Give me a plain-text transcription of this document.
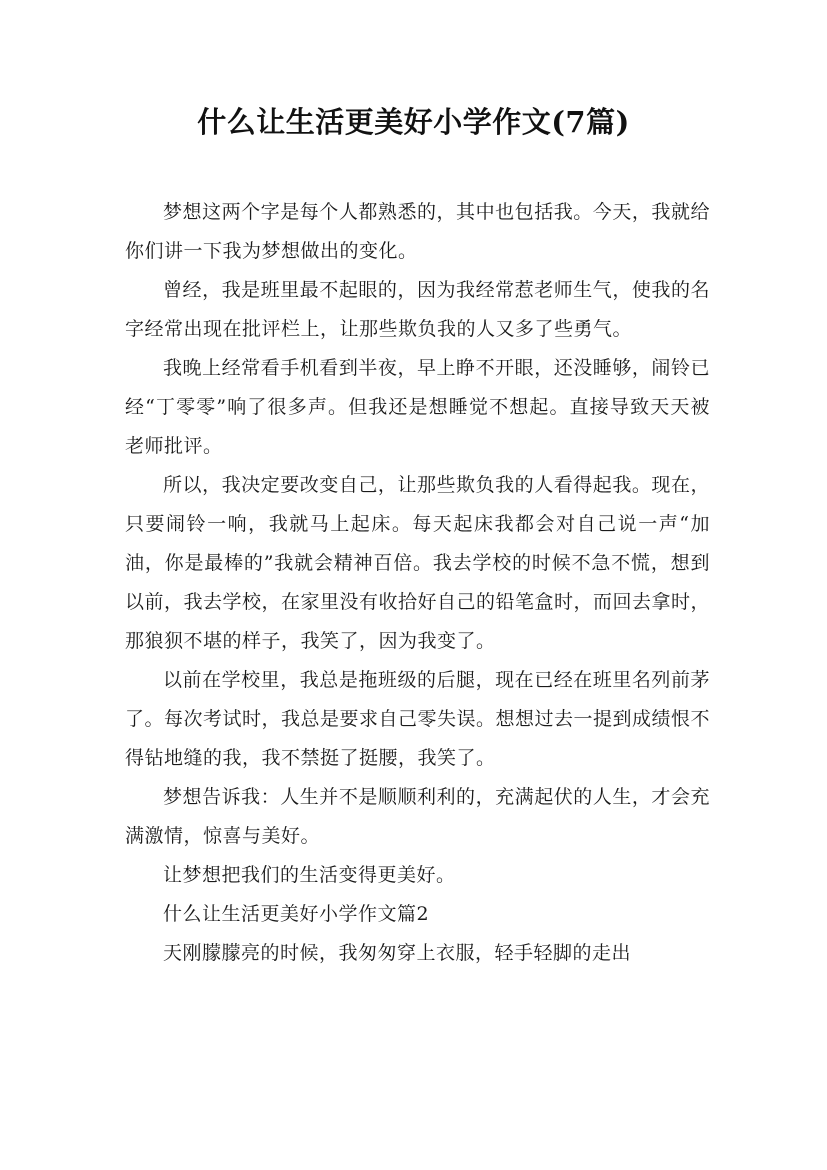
什么让生活更美好小学作文(7篇)

梦想这两个字是每个人都熟悉的，其中也包括我。今天，我就给你们讲一下我为梦想做出的变化。

曾经，我是班里最不起眼的，因为我经常惹老师生气，使我的名字经常出现在批评栏上，让那些欺负我的人又多了些勇气。

我晚上经常看手机看到半夜，早上睁不开眼，还没睡够，闹铃已经“丁零零”响了很多声。但我还是想睡觉不想起。直接导致天天被老师批评。

所以，我决定要改变自己，让那些欺负我的人看得起我。现在，只要闹铃一响，我就马上起床。每天起床我都会对自己说一声“加油，你是最棒的”我就会精神百倍。我去学校的时候不急不慌，想到以前，我去学校，在家里没有收拾好自己的铅笔盒时，而回去拿时，那狼狈不堪的样子，我笑了，因为我变了。

以前在学校里，我总是拖班级的后腿，现在已经在班里名列前茅了。每次考试时，我总是要求自己零失误。想想过去一提到成绩恨不得钻地缝的我，我不禁挺了挺腰，我笑了。

梦想告诉我：人生并不是顺顺利利的，充满起伏的人生，才会充满激情，惊喜与美好。

让梦想把我们的生活变得更美好。

什么让生活更美好小学作文篇2

天刚朦朦亮的时候，我匆匆穿上衣服，轻手轻脚的走出
